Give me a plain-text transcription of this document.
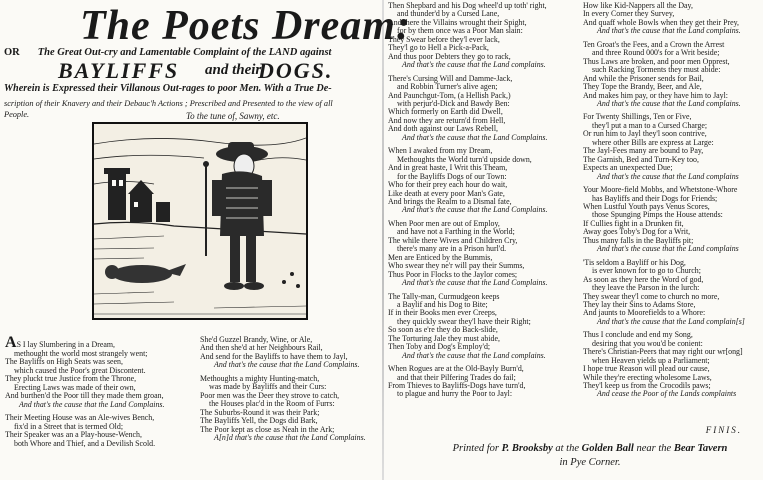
The Poets Dream:
OR The Great Out-cry and Lamentable Complaint of the LAND against
BAYLIFFS and their
DOGS.
Wherein is Expressed their Villanous Out-rages to poor Men. With a True De-
scription of their Knavery and their Debauc'h Actions ; Prescribed and Presented to the view of all
People.	To the tune of, Sawny, etc.
AS I lay Slumbering in a Dream,
methought the world most strangely went;
The Bayliffs on High Seats was seen,
which caused the Poor's great Discontent.
They pluckt true Justice from the Throne,
Erecting Laws was made of their own,
And burthen'd the Poor till they made them groan,
And that's the cause that the Land Complains.
Their Meeting House was an Ale-wives Bench,
fix'd in a Street that is termed Old;
Their Speaker was an a Play-house-Wench,
both Whore and Thief, and a Devilish Scold.
She'd Guzzel Brandy, Wine, or Ale,
And then she'd at her Neighbours Rail,
And send for the Bayliffs to have them to Jayl,
And that's the cause that the Land Complains.
Methoughts a mighty Hunting-match,
was made by Bayliffs and their Curs:
Poor men was the Deer they strove to catch,
the Houses plac'd in the Room of Furrs:
The Suburbs-Round it was their Park;
The Bayliffs Yell, the Dogs did Bark,
The Poor kept as close as Neah in the Ark;
A[n]d that's the cause that the Land Complains.
Then Shepbard and his Dog wheel'd up toth' right,
and thunder'd by a Cursed Lane,
And there the Villains wrought their Spight,
for by them once was a Poor Man slain:
They Swear before they'l ever lack,
They'l go to Hell a Pick-a-Pack,
And thus poor Debters they go to rack,
And that's the cause that the Land complains.
There's Cursing Will and Damme-Jack,
and Robbin Turner's alive agen;
And Paunchgut-Tom, (a Hellish Pack,)
with perjur'd-Dick and Bawdy Ben:
Which formerly on Earth did Dwell,
And now they are return'd from Hell,
And doth against our Laws Rebell,
And that's the cause that the Land Complains.
When I awaked from my Dream,
Methoughts the World turn'd upside down,
And in great haste, I Writ this Theam,
for the Bayliffs Dogs of our Town:
Who for their prey each hour do wait,
Like death at every poor Man's Gate,
And brings the Realm to a Dismal fate,
And that's the cause that the Land Complains.
When Poor men are out of Employ,
and have not a Farthing in the World;
The while there Wives and Children Cry,
there's many are in a Prison hurl'd.
Men are Enticed by the Bummis,
Who swear they ne'r will pay their Summs,
Thus Poor in Flocks to the Jaylor comes;
And that's the cause that the Land Complains.
The Tally-man, Curmudgeon keeps
a Baylif and his Dog to Bite;
If in their Books men ever Creeps,
they quickly swear they'l have their Right;
So soon as e're they do Back-slide,
The Torturing Jale they must abide,
Then Toby and Dog's Employ'd;
And that's the cause that the Land complains.
When Rogues are at the Old-Bayly Burn'd,
and that their Pilfering Trades do fail;
From Thieves to Bayliffs-Dogs have turn'd,
to plague and hurry the Poor to Jayl:
How like Kid-Nappers all the Day,
In every Corner they Survey,
And quaff whole Bowls when they get their Prey,
And that's the cause that the Land complains.
Ten Groat's the Fees, and a Crown the Arrest
and three Round 000's for a Writ beside;
Thus Laws are broken, and poor men Opprest,
such Racking Torments they must abide:
And while the Prisoner sends for Bail,
They Tope the Brandy, Beer, and Ale,
And makes him pay, or they have him to Jayl:
And that's the cause that the Land complains.
For Twenty Shillings, Ten or Five,
they'l put a man to a Cursed Charge;
Or run him to Jayl they'l soon contrive,
where other Bills are express at Large:
The Jayl-Fees many are bound to Pay,
The Garnish, Bed and Turn-Key too,
Expects an unexpected Due;
And that's the cause that the Land complains
Your Moore-field Mobbs, and Whetstone-Whore
has Bayliffs and their Dogs for Friends;
When Lustful Youth pays Venus Scores,
those Spunging Pimps the House attends:
If Cullies fight in a Drunken fit,
Away goes Toby's Dog for a Writ,
Thus many falls in the Bayliffs pit;
And that's the cause that the Land complains
'Tis seldom a Bayliff or his Dog,
is ever known for to go to Church;
As soon as they here the Word of god,
they leave the Parson in the lurch:
They swear they'l come to church no more,
They lay their Sins to Adams Store,
And jaunts to Moorefields to a Whore:
And that's the cause that the Land complain[s]
Thus I conclude and end my Song,
desiring that you wou'd be conient:
There's Christian-Peers that may right our wr[ong]
when Heaven yields up a Parliament;
I hope true Reason will plead our cause,
While they're erecting wholesome Laws,
They'l keep us from the Crocodils paws;
And cease the Poor of the Lands complaints
FINIS.
Printed for P. Brooksby at the Golden Ball near the Bear Tavern
in Pye Corner.
